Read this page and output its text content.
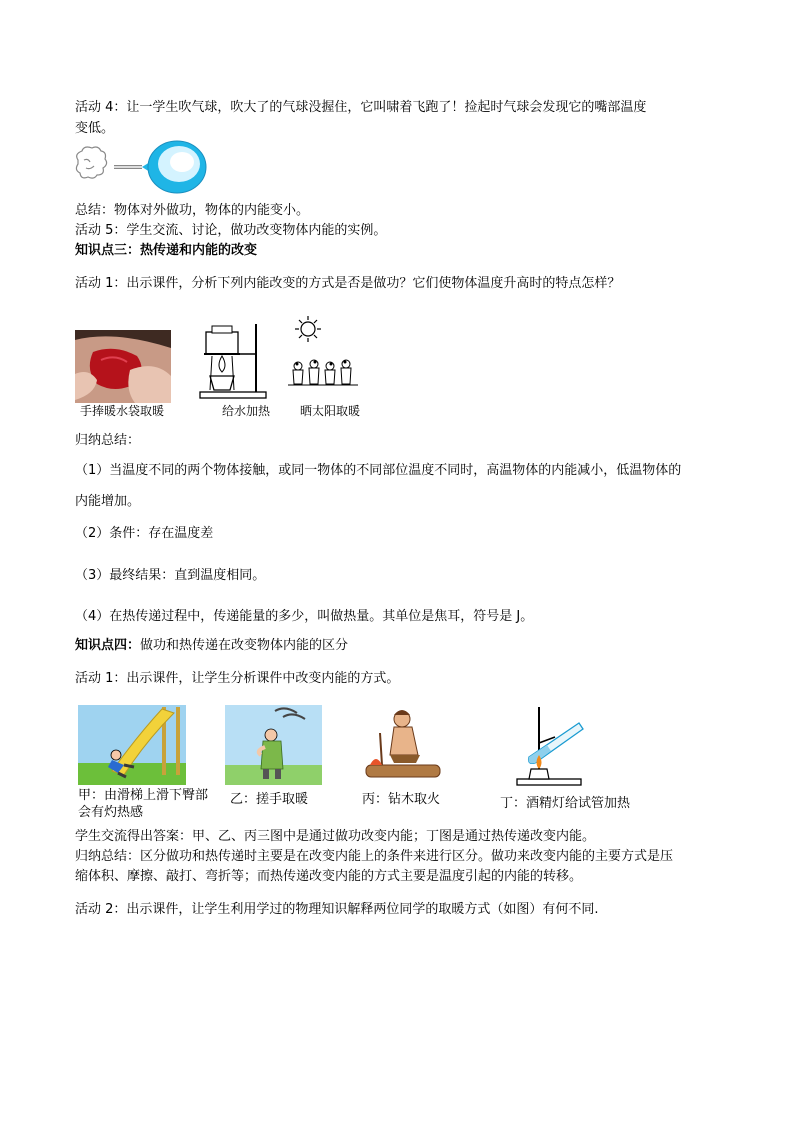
活动 4：让一学生吹气球，吹大了的气球没握住，它叫啸着飞跑了！捡起时气球会发现它的嘴部温度
变低。
总结：物体对外做功，物体的内能变小。
活动 5：学生交流、讨论，做功改变物体内能的实例。
知识点三：热传递和内能的改变
活动 1：出示课件，分析下列内能改变的方式是否是做功？它们使物体温度升高时的特点怎样？
手捧暖水袋取暖	给水加热 晒太阳取暖
归纳总结：
（1）当温度不同的两个物体接触，或同一物体的不同部位温度不同时，高温物体的内能减小，低温物体的
内能增加。
（2）条件：存在温度差
（3）最终结果：直到温度相同。
（4）在热传递过程中，传递能量的多少，叫做热量。其单位是焦耳，符号是 J。
知识点四：做功和热传递在改变物体内能的区分
活动 1：出示课件，让学生分析课件中改变内能的方式。
甲：由滑梯上滑下臀部会有灼热感
乙：搓手取暖	丙：钻木取火	丁：酒精灯给试管加热
学生交流得出答案：甲、乙、丙三图中是通过做功改变内能；丁图是通过热传递改变内能。
归纳总结：区分做功和热传递时主要是在改变内能上的条件来进行区分。做功来改变内能的主要方式是压
缩体积、摩擦、敲打、弯折等；而热传递改变内能的方式主要是温度引起的内能的转移。
活动 2：出示课件，让学生利用学过的物理知识解释两位同学的取暖方式（如图）有何不同.
